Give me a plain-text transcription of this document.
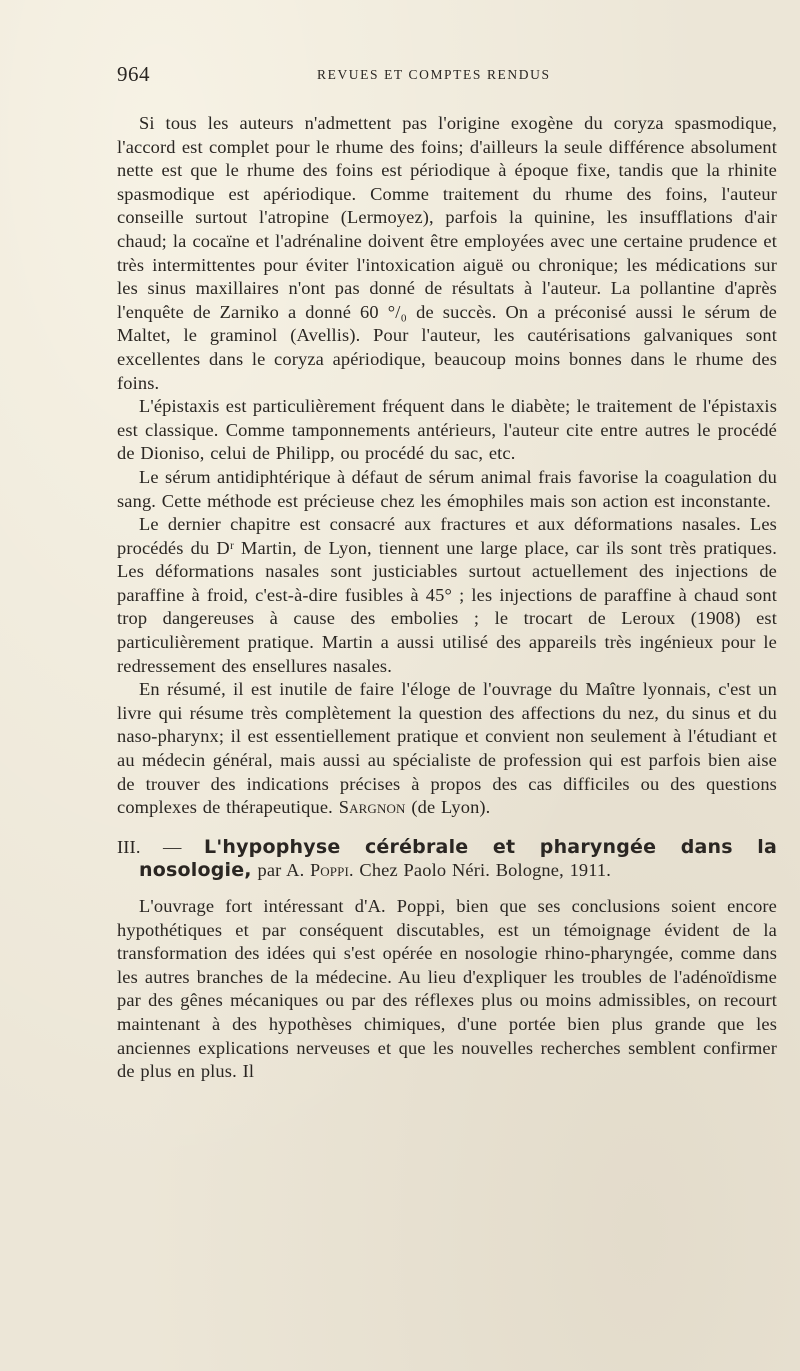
964	REVUES ET COMPTES RENDUS

Si tous les auteurs n'admettent pas l'origine exogène du coryza spasmodique, l'accord est complet pour le rhume des foins; d'ailleurs la seule différence absolument nette est que le rhume des foins est périodique à époque fixe, tandis que la rhinite spasmodique est apériodique. Comme traitement du rhume des foins, l'auteur conseille surtout l'atropine (Lermoyez), parfois la quinine, les insufflations d'air chaud; la cocaïne et l'adrénaline doivent être employées avec une certaine prudence et très intermittentes pour éviter l'intoxication aiguë ou chronique; les médications sur les sinus maxillaires n'ont pas donné de résultats à l'auteur. La pollantine d'après l'enquête de Zarniko a donné 60 °/₀ de succès. On a préconisé aussi le sérum de Maltet, le graminol (Avellis). Pour l'auteur, les cautérisations galvaniques sont excellentes dans le coryza apériodique, beaucoup moins bonnes dans le rhume des foins.

L'épistaxis est particulièrement fréquent dans le diabète; le traitement de l'épistaxis est classique. Comme tamponnements antérieurs, l'auteur cite entre autres le procédé de Dioniso, celui de Philipp, ou procédé du sac, etc.

Le sérum antidiphtérique à défaut de sérum animal frais favorise la coagulation du sang. Cette méthode est précieuse chez les émophiles mais son action est inconstante.

Le dernier chapitre est consacré aux fractures et aux déformations nasales. Les procédés du Dʳ Martin, de Lyon, tiennent une large place, car ils sont très pratiques. Les déformations nasales sont justiciables surtout actuellement des injections de paraffine à froid, c'est-à-dire fusibles à 45° ; les injections de paraffine à chaud sont trop dangereuses à cause des embolies ; le trocart de Leroux (1908) est particulièrement pratique. Martin a aussi utilisé des appareils très ingénieux pour le redressement des ensellures nasales.

En résumé, il est inutile de faire l'éloge de l'ouvrage du Maître lyonnais, c'est un livre qui résume très complètement la question des affections du nez, du sinus et du naso-pharynx; il est essentiellement pratique et convient non seulement à l'étudiant et au médecin général, mais aussi au spécialiste de profession qui est parfois bien aise de trouver des indications précises à propos des cas difficiles ou des questions complexes de thérapeutique. Sargnon (de Lyon).

III. — L'hypophyse cérébrale et pharyngée dans la nosologie, par A. Poppi. Chez Paolo Néri. Bologne, 1911.

L'ouvrage fort intéressant d'A. Poppi, bien que ses conclusions soient encore hypothétiques et par conséquent discutables, est un témoignage évident de la transformation des idées qui s'est opérée en nosologie rhino-pharyngée, comme dans les autres branches de la médecine. Au lieu d'expliquer les troubles de l'adénoïdisme par des gênes mécaniques ou par des réflexes plus ou moins admissibles, on recourt maintenant à des hypothèses chimiques, d'une portée bien plus grande que les anciennes explications nerveuses et que les nouvelles recherches semblent confirmer de plus en plus. Il
